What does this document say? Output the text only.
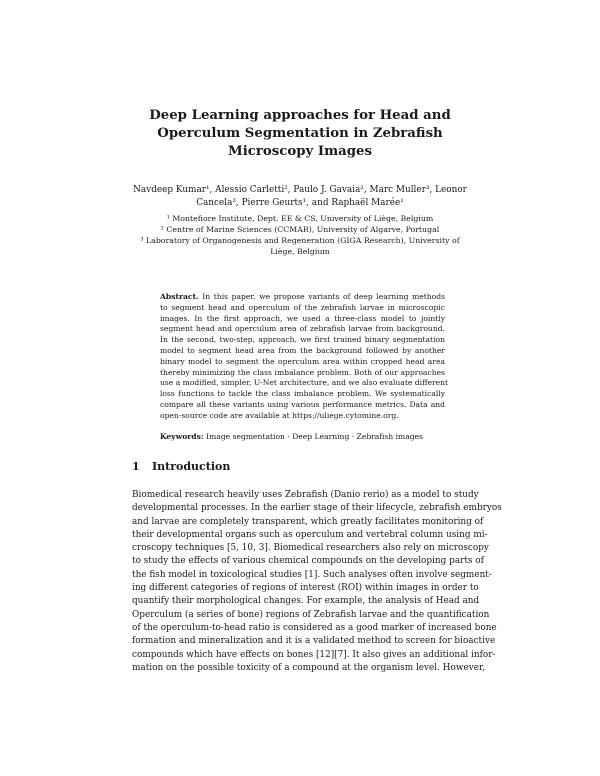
Deep Learning approaches for Head and
Operculum Segmentation in Zebrafish
Microscopy Images
Navdeep Kumar¹, Alessio Carletti², Paulo J. Gavaia², Marc Muller³, Leonor
Cancela², Pierre Geurts¹, and Raphaël Marée¹
¹ Montefiore Institute, Dept. EE & CS, University of Liège, Belgium
² Centre of Marine Sciences (CCMAR), University of Algarve, Portugal
³ Laboratory of Organogenesis and Regeneration (GIGA Research), University of
Liège, Belgium
Abstract. In this paper, we propose variants of deep learning methods
to segment head and operculum of the zebrafish larvae in microscopic
images. In the first approach, we used a three-class model to jointly
segment head and operculum area of zebrafish larvae from background.
In the second, two-step, approach, we first trained binary segmentation
model to segment head area from the background followed by another
binary model to segment the operculum area within cropped head area
thereby minimizing the class imbalance problem. Both of our approaches
use a modified, simpler, U-Net architecture, and we also evaluate different
loss functions to tackle the class imbalance problem. We systematically
compare all these variants using various performance metrics. Data and
open-source code are available at https://uliege.cytomine.org.
Keywords: Image segmentation · Deep Learning · Zebrafish images
1 Introduction
Biomedical research heavily uses Zebrafish (Danio rerio) as a model to study
developmental processes. In the earlier stage of their lifecycle, zebrafish embryos
and larvae are completely transparent, which greatly facilitates monitoring of
their developmental organs such as operculum and vertebral column using mi-
croscopy techniques [5, 10, 3]. Biomedical researchers also rely on microscopy
to study the effects of various chemical compounds on the developing parts of
the fish model in toxicological studies [1]. Such analyses often involve segment-
ing different categories of regions of interest (ROI) within images in order to
quantify their morphological changes. For example, the analysis of Head and
Operculum (a series of bone) regions of Zebrafish larvae and the quantification
of the operculum-to-head ratio is considered as a good marker of increased bone
formation and mineralization and it is a validated method to screen for bioactive
compounds which have effects on bones [12][7]. It also gives an additional infor-
mation on the possible toxicity of a compound at the organism level. However,
